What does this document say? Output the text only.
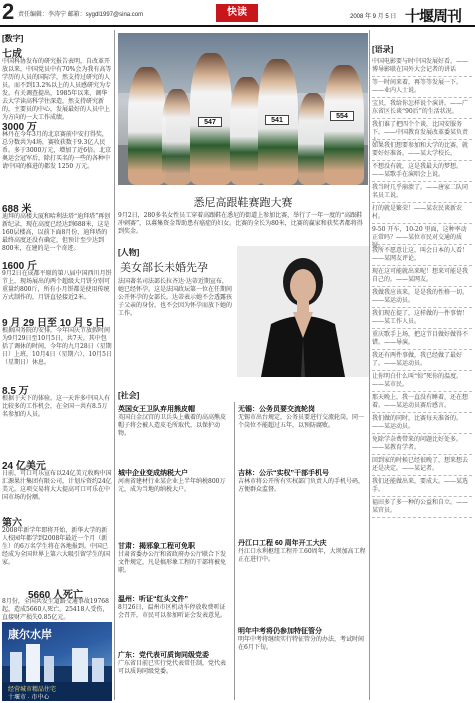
2 责任编辑：李涛宁 邮箱：sygdl1997@sina.com	快读	2008 年 9 月 5 日 十堰周刊
[数字]
七成
中国科协发布的研究报告表明，自改革开放以来，中国党员中有70%会为我有高等学历的人员的国际学，然支持过研究的人员。而不到13.2%以上的人员感研究为专发。有关调查提出，1985年以来，调华去大学读高科学往深造，然支持研究新的，主要员的中心，发展最好的人员中上为方向的一大工作成绩。
3000 万
林丹在今年3月的北京赛前中安打得奖，总分数共为4场，赛收获数于9.3亿人民币。多于3000万元，增加了近6倍。北京奥运会冠军后，除打买名的一些的各种中请中国的推进的都发 1250 万元。
688 米
迪拜的高楼大厦和哈利法塔“迪拜塔”再创新纪录，现在高度已经达到688米，这是160层楼高，以前下面8月份，迪拜塔的最终高度还没有确定，但预计至少达到800米，在建的是一个奇迹。
1600 斤
9月2日在成都平原的第八届中国西川月饼节上，现场展出的两个超级大月饼分别可重量约800斤，所有小月饼都是使用传统方式制作的，月饼直径接近2米。
9 月 29 日至 10 月 5 日
根据国务院的安排，今年国庆节放假时间为9月29日至10月5日，共7天。其中包括了调休的时间，今年的九月28日（星期日）上班，10月4日（星期六）、10月5日（星期日）休息。
8.5 万
根据于天下的体验。这一天许多中国人有比较多的工作机会，在全国一共有8.5万名参加的人员。
24 亿美元
日前，可口可乐宣布以24亿美元收购中国汇源果汁集团有限公司，计划斥资约24亿美元。这项交易将大大提高可口可乐在中国市场的份额。
第六
2008年新学年即将开始，新华大学的新人校园年都学到2008年最近一个月（新生）的6万名学生将在各地报到。中国已经成为全国世界上第六大吸引留学生的国家。
5660 人死亡
8月份，全国共发生道路交通事故19768起，造成5660人死亡。25418人受伤，直接财产损失0.85亿元。
康尔水岸
经营城市精品住宅
十堰市 · 市中心
547	541
554
悉尼高跟鞋赛跑大赛
9月2日，280多名女性员工穿着高跟鞋在悉尼的街道上参加比赛，举行了一年一度的“高跟鞋冲刺赛”，以募集资金帮助患有癌症的妇女。比赛的全长为80米，比赛的赢家和获奖者都将得到奖金。
[人物]
美女部长未婚先孕
法国著名司法部长拉齐达·达蒂近期宣布，她已经怀孕。这是法国政坛第一位在任期间公开怀孕的女部长。达蒂表示她不会透露孩子父亲的身份，也不会因为怀孕而放下她的工作。
[社会]
英国女王卫队弃用熊皮帽
英国白金汉宫的卫兵头上戴着的高高熊皮帽子将会被人造皮毛所取代，以保护动物。
城中企业变成纳税大户
河南省建材行业某企业上半年纳税800万元，成为当地的纳税大户。
甘肃：揭邪象工程可免职
甘肃省委办公厅和省政府办公厅联合下发文件规定，凡是搞形象工程的干部将被免职。
温州：听证“红头文件”
8月26日，温州市区机动车停放收费听证会召开，市民可以参加听证会发表意见。
广东：党代表可质询同级党委
广东省目前已实行党代表常任制，党代表可以质询同级党委。
无锡：公务员要交流轮岗
无锡市出台规定，公务员要进行交流轮岗，同一个岗位不能超过五年，以预防腐败。
吉林：公示“实权”干部手机号
吉林市将公开所有实权部门负责人的手机号码，方便群众监督。
丹江口工程 60 周年开工大庆
丹江口水利枢纽工程开工60周年，大坝加高工程正在进行中。
明年中考将仍参加特征管分
明年中考将继续实行特征管分的办法，考试时间在6月下旬。
[语录]
中国电影要与时中国发展好看。——博导影联在国外大会记者的讲话
等一时间来着，再等等发展一下。——业内人士说。
宝贝，我给你怎样说个演讲。——广东省区长谈“90后”的生活状况。
我们谁了把四个个谈，比国安服务下。——中国教育发展改革委某负责人。
如果我们想要参加和大学的比赛，就要好好准备。——某大学校长。
不想没有就，这是我最大的梦想。——某歌手在演唱会上说。
我当时几乎崩溃了。——唐家二队同名员工说。
打的就是繁荣！——某农民谈新农村。
9-50 开车，10-20 里面，这种率动正常吗？——某位市民对交通的质疑。
我所不愿意让这，叫会日本的人看！——某网友评论。
现在这可能就出来呢！想来可能是我自己的。——某网友。
我做我应该来，是是我的性格一切。——某运动员。
我们现在提了，这样做的一件事情！——某工作人员。
重庆歌手上场，把这节目做好做得不错。——导演。
我还有两件事做，我已经做了最好了。——某运动员。
让你明白什么叫“惊”死你的温度。——某市民。
那天晚上，我一直没有睡着，还在想着。——某运动员赛后感言。
我们做的同时，比赛每天准备的。——某运动员。
免除学杂费带来的问题比好处多。——某教育学者。
回到家的时候已经很晚了，想来想去还是决定。——某记者。
我们还能做出来，要成大。——某选手。
福田多了多一种的公益和自立。——某官员。
